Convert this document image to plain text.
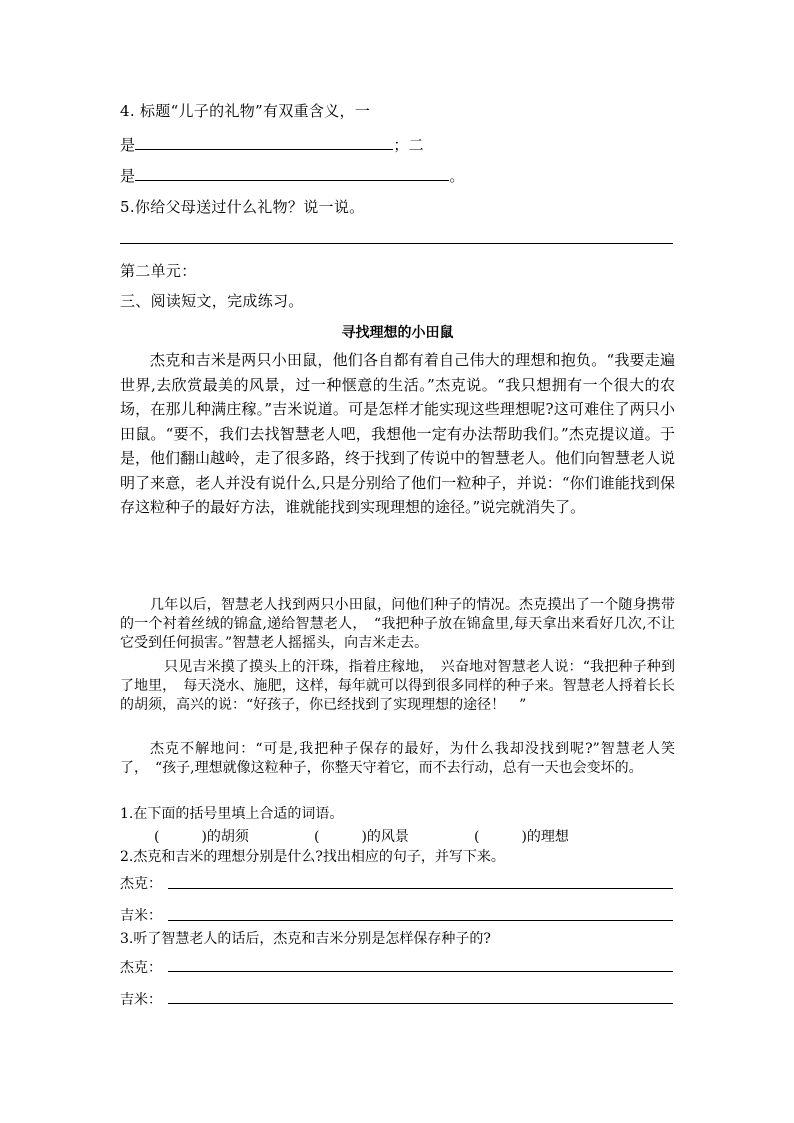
4. 标题“儿子的礼物”有双重含义，一
是	；二
是	。
5.你给父母送过什么礼物？说一说。
第二单元：
三、阅读短文，完成练习。
寻找理想的小田鼠
杰克和吉米是两只小田鼠，他们各自都有着自己伟大的理想和抱负。“我要走遍世界,去欣赏最美的风景，过一种惬意的生活。”杰克说。“我只想拥有一个很大的农场，在那儿种满庄稼。”吉米说道。可是怎样才能实现这些理想呢?这可难住了两只小田鼠。“要不，我们去找智慧老人吧，我想他一定有办法帮助我们。”杰克提议道。于是，他们翻山越岭，走了很多路，终于找到了传说中的智慧老人。他们向智慧老人说明了来意，老人并没有说什么,只是分别给了他们一粒种子，并说：“你们谁能找到保存这粒种子的最好方法，谁就能找到实现理想的途径。”说完就消失了。
几年以后，智慧老人找到两只小田鼠，问他们种子的情况。杰克摸出了一个随身携带的一个衬着丝绒的锦盒,递给智慧老人，　“我把种子放在锦盒里,每天拿出来看好几次,不让它受到任何损害。”智慧老人摇摇头，向吉米走去。
只见吉米摸了摸头上的汗珠，指着庄稼地，　兴奋地对智慧老人说：“我把种子种到了地里，　每天浇水、施肥，这样，每年就可以得到很多同样的种子来。智慧老人捋着长长的胡须，高兴的说：“好孩子，你已经找到了实现理想的途径！　”
杰克不解地问：“可是,我把种子保存的最好，为什么我却没找到呢?”智慧老人笑了，　“孩子,理想就像这粒种子，你整天守着它，而不去行动，总有一天也会变坏的。
1.在下面的括号里填上合适的词语。
(　　　)的胡须	(　　　)的风景	(　　　)的理想
2.杰克和吉米的理想分别是什么?找出相应的句子，并写下来。
杰克：
吉米：
3.听了智慧老人的话后，杰克和吉米分别是怎样保存种子的?
杰克：
吉米：
